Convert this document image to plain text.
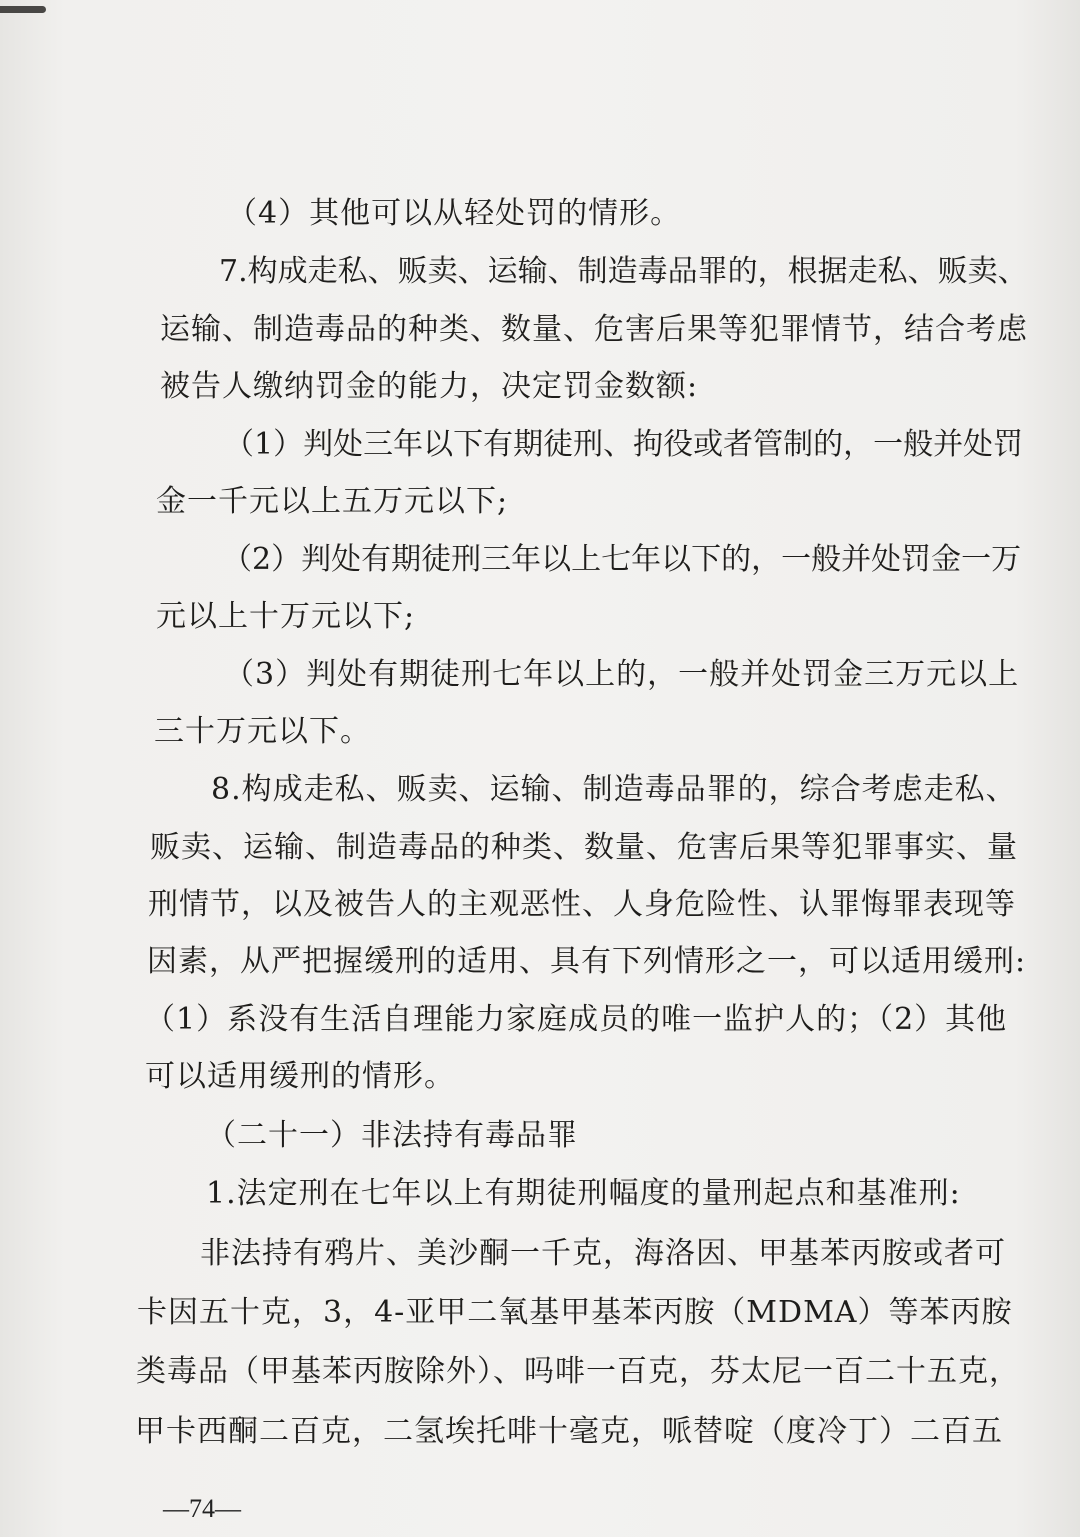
（4）其他可以从轻处罚的情形。
7.构成走私、贩卖、运输、制造毒品罪的，根据走私、贩卖、
运输、制造毒品的种类、数量、危害后果等犯罪情节，结合考虑
被告人缴纳罚金的能力，决定罚金数额:
（1）判处三年以下有期徒刑、拘役或者管制的，一般并处罚
金一千元以上五万元以下;
（2）判处有期徒刑三年以上七年以下的，一般并处罚金一万
元以上十万元以下;
（3）判处有期徒刑七年以上的，一般并处罚金三万元以上
三十万元以下。
8.构成走私、贩卖、运输、制造毒品罪的，综合考虑走私、
贩卖、运输、制造毒品的种类、数量、危害后果等犯罪事实、量
刑情节，以及被告人的主观恶性、人身危险性、认罪悔罪表现等
因素，从严把握缓刑的适用、具有下列情形之一，可以适用缓刑:
（1）系没有生活自理能力家庭成员的唯一监护人的；（2）其他
可以适用缓刑的情形。
（二十一）非法持有毒品罪
1.法定刑在七年以上有期徒刑幅度的量刑起点和基准刑:
非法持有鸦片、美沙酮一千克，海洛因、甲基苯丙胺或者可
卡因五十克，3，4-亚甲二氧基甲基苯丙胺（MDMA）等苯丙胺
类毒品（甲基苯丙胺除外）、吗啡一百克，芬太尼一百二十五克，
甲卡西酮二百克，二氢埃托啡十毫克，哌替啶（度冷丁）二百五
—74—
